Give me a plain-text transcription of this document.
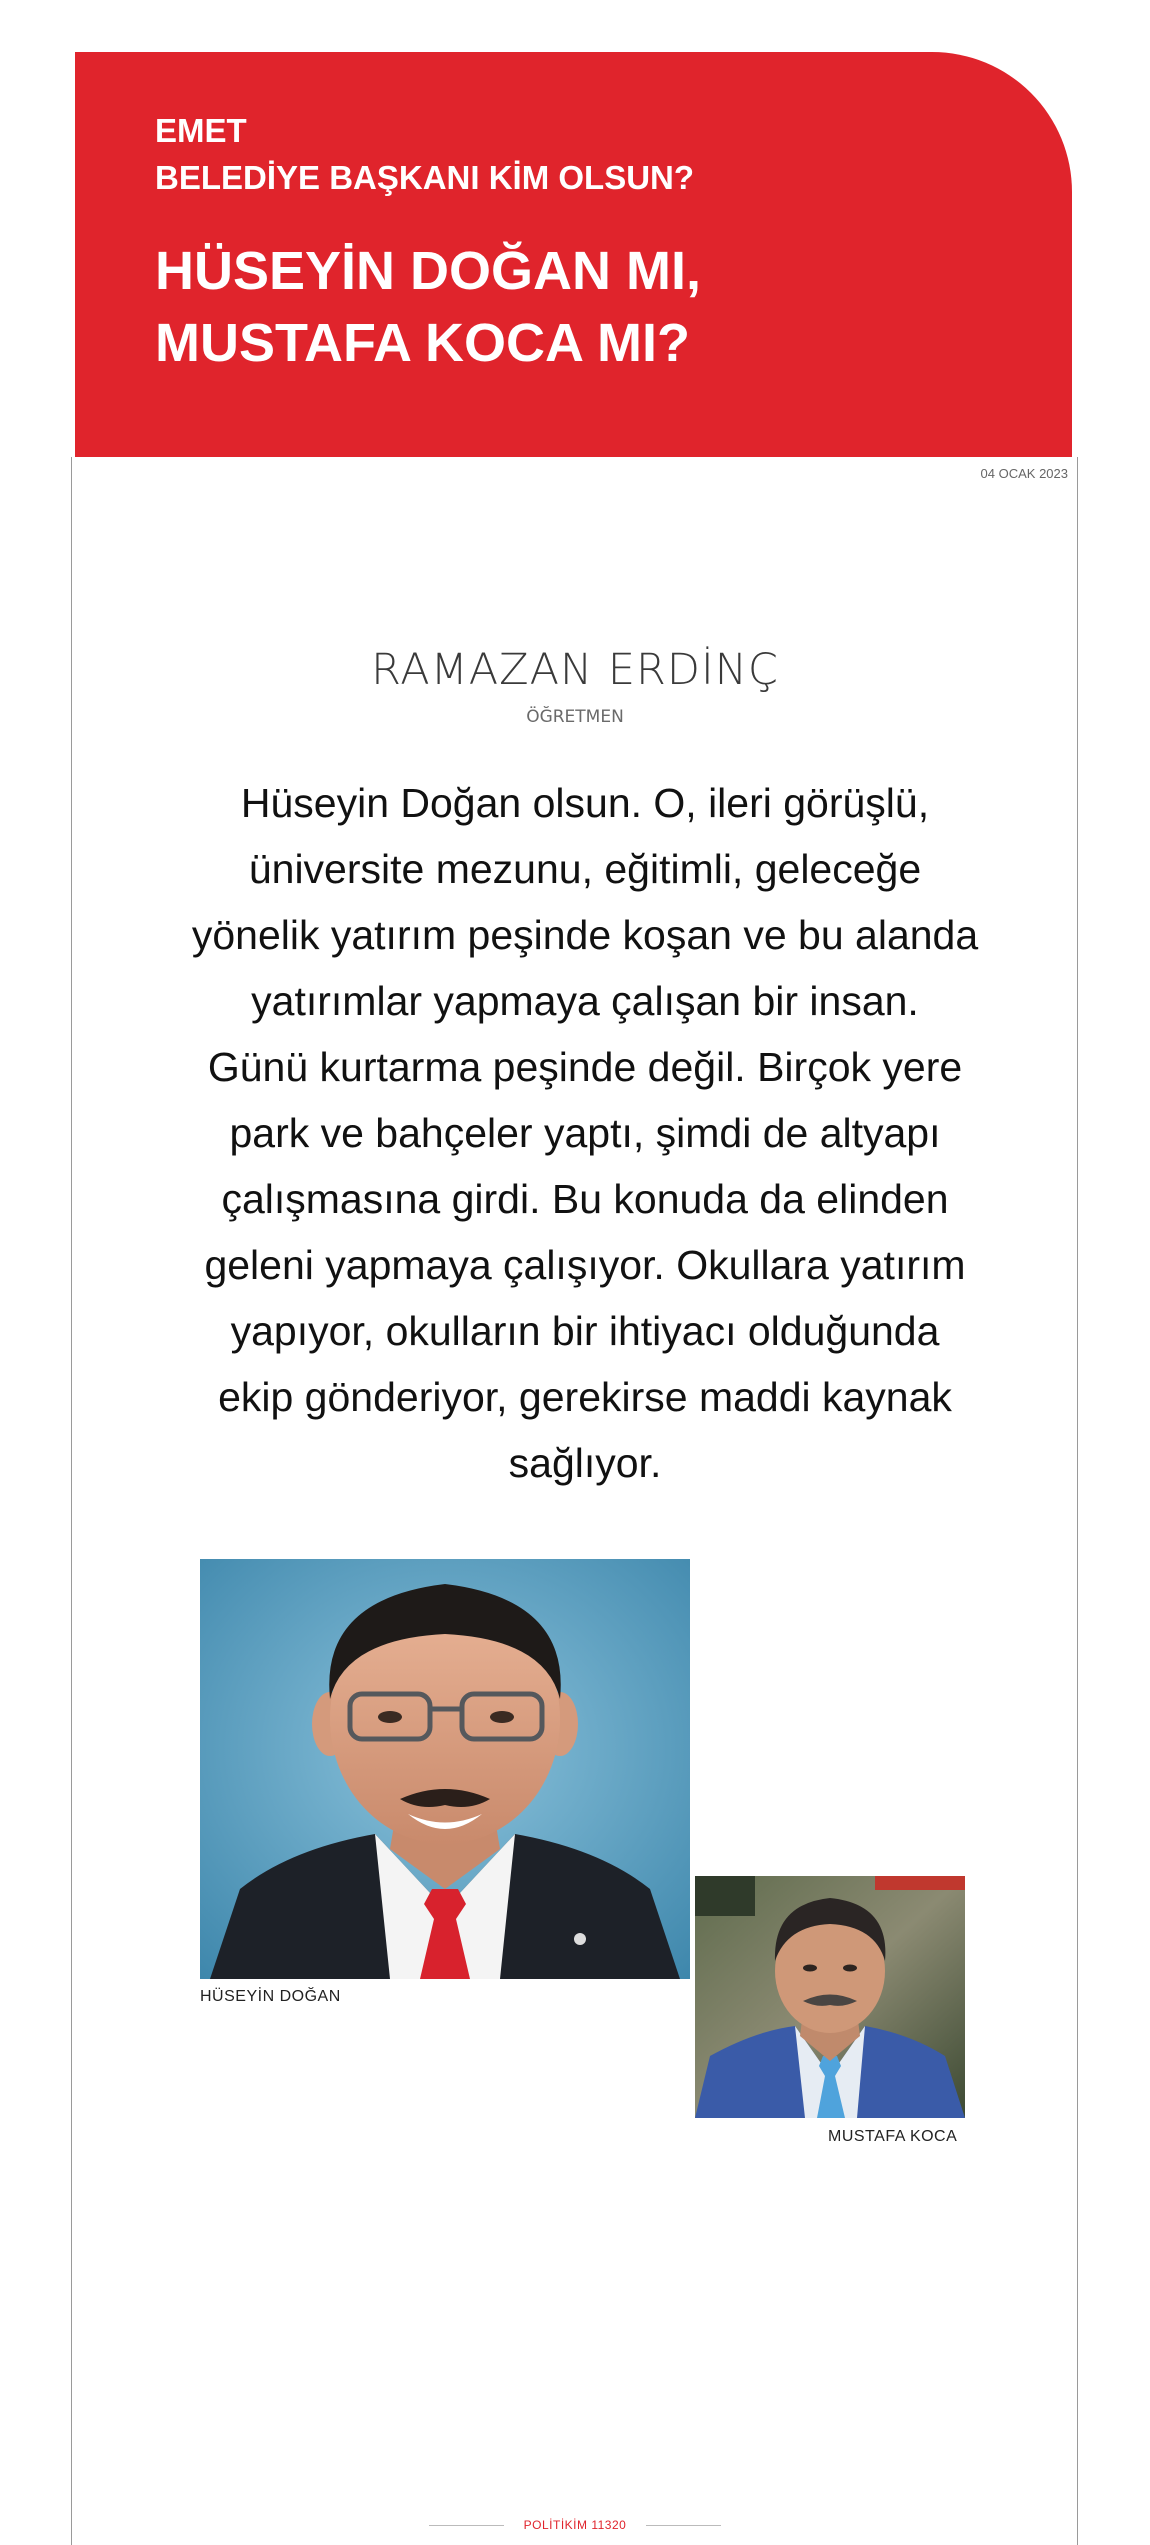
EMET
BELEDİYE BAŞKANI KİM OLSUN?
HÜSEYİN DOĞAN MI,
MUSTAFA KOCA MI?
04 OCAK 2023
RAMAZAN ERDİNÇ
ÖĞRETMEN
Hüseyin Doğan olsun. O, ileri görüşlü,
üniversite mezunu, eğitimli, geleceğe
yönelik yatırım peşinde koşan ve bu alanda
yatırımlar yapmaya çalışan bir insan.
Günü kurtarma peşinde değil. Birçok yere
park ve bahçeler yaptı, şimdi de altyapı
çalışmasına girdi. Bu konuda da elinden
geleni yapmaya çalışıyor. Okullara yatırım
yapıyor, okulların bir ihtiyacı olduğunda
ekip gönderiyor, gerekirse maddi kaynak
sağlıyor.
HÜSEYİN DOĞAN
MUSTAFA KOCA
POLİTİKİM 11320
